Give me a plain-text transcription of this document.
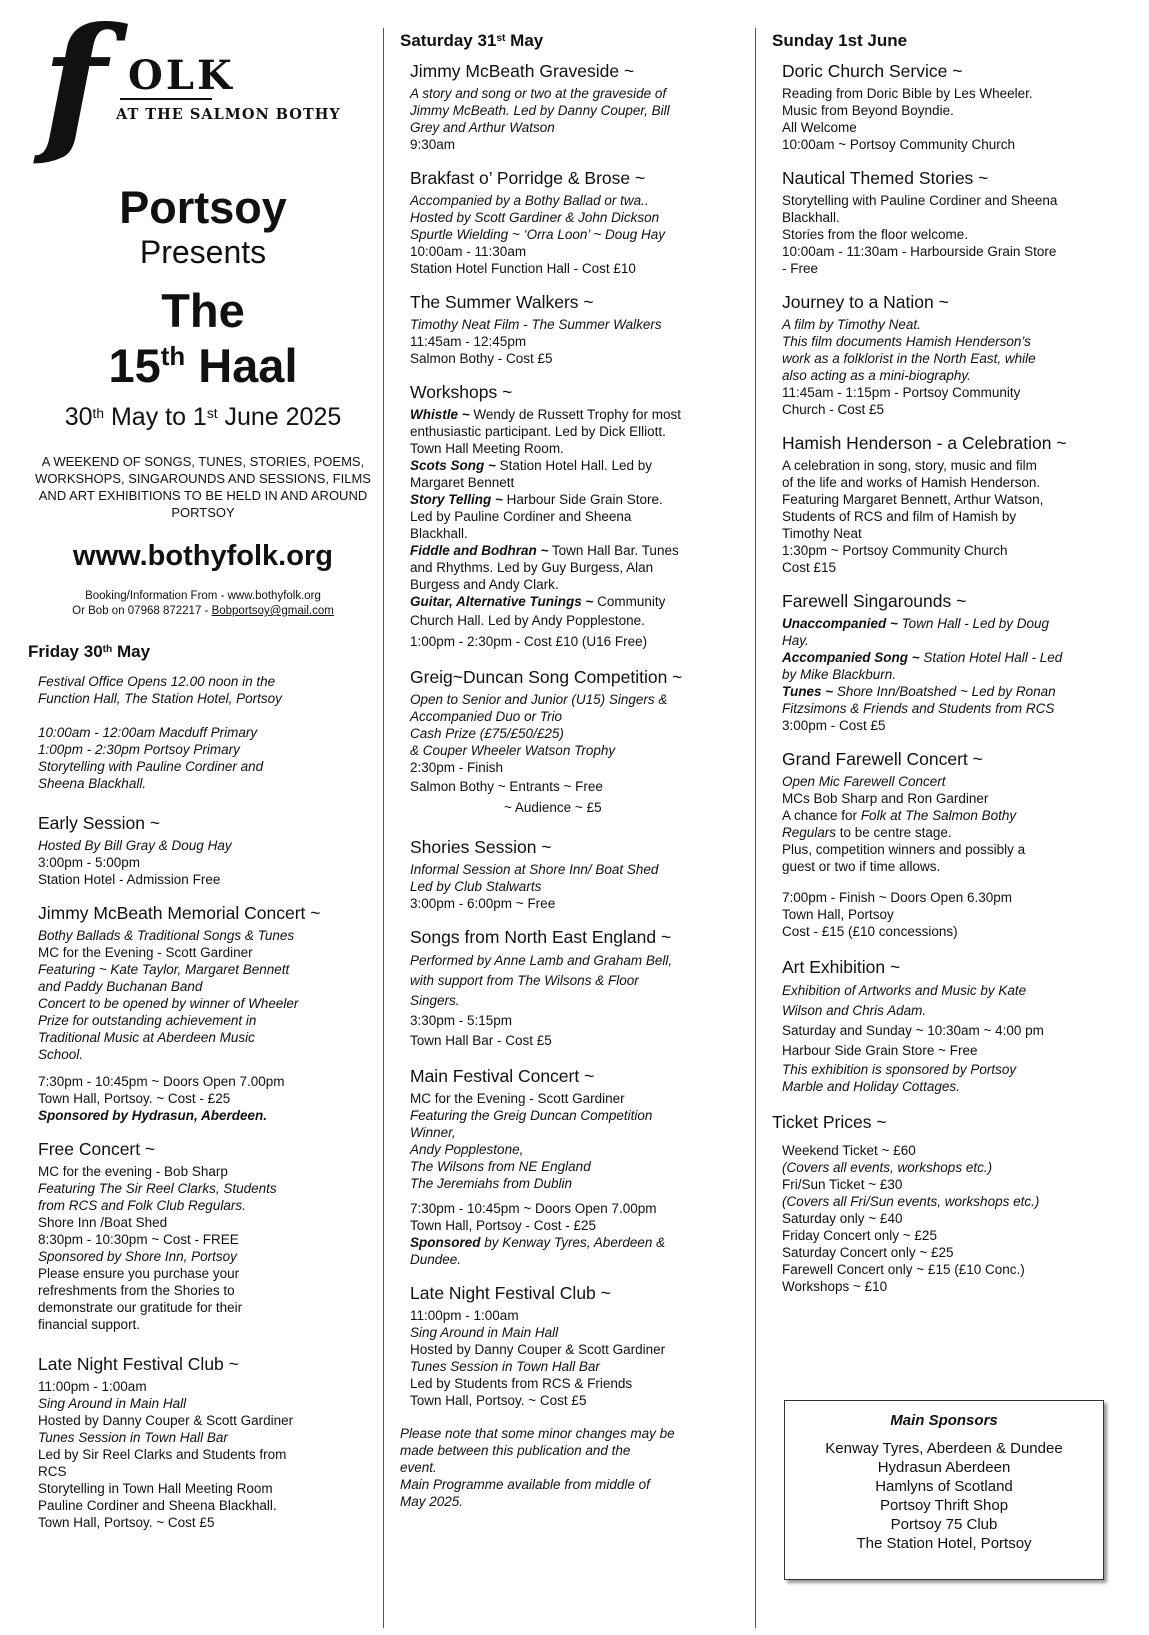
f OLK
AT THE SALMON BOTHY
Portsoy
Presents
The
15th Haal
30th May to 1st June 2025
A WEEKEND OF SONGS, TUNES, STORIES, POEMS, WORKSHOPS, SINGAROUNDS AND SESSIONS, FILMS AND ART EXHIBITIONS TO BE HELD IN AND AROUND PORTSOY
www.bothyfolk.org
Booking/Information From - www.bothyfolk.org
Or Bob on 07968 872217 - Bobportsoy@gmail.com
Friday 30th May
Festival Office Opens 12.00 noon in the
Function Hall, The Station Hotel, Portsoy
10:00am - 12:00am Macduff Primary
1:00pm - 2:30pm Portsoy Primary
Storytelling with Pauline Cordiner and
Sheena Blackhall.
Early Session ~
Hosted By Bill Gray & Doug Hay
3:00pm - 5:00pm
Station Hotel - Admission Free
Jimmy McBeath Memorial Concert ~
Bothy Ballads & Traditional Songs & Tunes
MC for the Evening - Scott Gardiner
Featuring ~ Kate Taylor, Margaret Bennett
and Paddy Buchanan Band
Concert to be opened by winner of Wheeler
Prize for outstanding achievement in
Traditional Music at Aberdeen Music
School.
7:30pm - 10:45pm ~ Doors Open 7.00pm
Town Hall, Portsoy. ~ Cost - £25
Sponsored by Hydrasun, Aberdeen.
Free Concert ~
MC for the evening - Bob Sharp
Featuring The Sir Reel Clarks, Students
from RCS and Folk Club Regulars.
Shore Inn /Boat Shed
8:30pm - 10:30pm ~ Cost - FREE
Sponsored by Shore Inn, Portsoy
Please ensure you purchase your
refreshments from the Shories to
demonstrate our gratitude for their
financial support.
Late Night Festival Club ~
11:00pm - 1:00am
Sing Around in Main Hall
Hosted by Danny Couper & Scott Gardiner
Tunes Session in Town Hall Bar
Led by Sir Reel Clarks and Students from
RCS
Storytelling in Town Hall Meeting Room
Pauline Cordiner and Sheena Blackhall.
Town Hall, Portsoy. ~ Cost £5
Saturday 31st May
Jimmy McBeath Graveside ~
A story and song or two at the graveside of
Jimmy McBeath. Led by Danny Couper, Bill
Grey and Arthur Watson
9:30am
Brakfast o’ Porridge & Brose ~
Accompanied by a Bothy Ballad or twa..
Hosted by Scott Gardiner & John Dickson
Spurtle Wielding ~ ‘Orra Loon’ ~ Doug Hay
10:00am - 11:30am
Station Hotel Function Hall - Cost £10
The Summer Walkers ~
Timothy Neat Film - The Summer Walkers
11:45am - 12:45pm
Salmon Bothy - Cost £5
Workshops ~
Whistle ~ Wendy de Russett Trophy for most
enthusiastic participant. Led by Dick Elliott.
Town Hall Meeting Room.
Scots Song ~ Station Hotel Hall. Led by
Margaret Bennett
Story Telling ~ Harbour Side Grain Store.
Led by Pauline Cordiner and Sheena
Blackhall.
Fiddle and Bodhran ~ Town Hall Bar. Tunes
and Rhythms. Led by Guy Burgess, Alan
Burgess and Andy Clark.
Guitar, Alternative Tunings ~ Community
Church Hall. Led by Andy Popplestone.
1:00pm - 2:30pm - Cost £10 (U16 Free)
Greig~Duncan Song Competition ~
Open to Senior and Junior (U15) Singers &
Accompanied Duo or Trio
Cash Prize (£75/£50/£25)
& Couper Wheeler Watson Trophy
2:30pm - Finish
Salmon Bothy ~ Entrants ~ Free
~ Audience ~ £5
Shories Session ~
Informal Session at Shore Inn/ Boat Shed
Led by Club Stalwarts
3:00pm - 6:00pm ~ Free
Songs from North East England ~
Performed by Anne Lamb and Graham Bell,
with support from The Wilsons & Floor
Singers.
3:30pm - 5:15pm
Town Hall Bar - Cost £5
Main Festival Concert ~
MC for the Evening - Scott Gardiner
Featuring the Greig Duncan Competition
Winner,
Andy Popplestone,
The Wilsons from NE England
The Jeremiahs from Dublin
7:30pm - 10:45pm ~ Doors Open 7.00pm
Town Hall, Portsoy - Cost - £25
Sponsored by Kenway Tyres, Aberdeen &
Dundee.
Late Night Festival Club ~
11:00pm - 1:00am
Sing Around in Main Hall
Hosted by Danny Couper & Scott Gardiner
Tunes Session in Town Hall Bar
Led by Students from RCS & Friends
Town Hall, Portsoy. ~ Cost £5
Please note that some minor changes may be
made between this publication and the
event.
Main Programme available from middle of
May 2025.
Sunday 1st June
Doric Church Service ~
Reading from Doric Bible by Les Wheeler.
Music from Beyond Boyndie.
All Welcome
10:00am ~ Portsoy Community Church
Nautical Themed Stories ~
Storytelling with Pauline Cordiner and Sheena
Blackhall.
Stories from the floor welcome.
10:00am - 11:30am - Harbourside Grain Store
- Free
Journey to a Nation ~
A film by Timothy Neat.
This film documents Hamish Henderson’s
work as a folklorist in the North East, while
also acting as a mini-biography.
11:45am - 1:15pm - Portsoy Community
Church - Cost £5
Hamish Henderson - a Celebration ~
A celebration in song, story, music and film
of the life and works of Hamish Henderson.
Featuring Margaret Bennett, Arthur Watson,
Students of RCS and film of Hamish by
Timothy Neat
1:30pm ~ Portsoy Community Church
Cost £15
Farewell Singarounds ~
Unaccompanied ~ Town Hall - Led by Doug
Hay.
Accompanied Song ~ Station Hotel Hall - Led
by Mike Blackburn.
Tunes ~ Shore Inn/Boatshed ~ Led by Ronan
Fitzsimons & Friends and Students from RCS
3:00pm - Cost £5
Grand Farewell Concert ~
Open Mic Farewell Concert
MCs Bob Sharp and Ron Gardiner
A chance for Folk at The Salmon Bothy
Regulars to be centre stage.
Plus, competition winners and possibly a
guest or two if time allows.
7:00pm - Finish ~ Doors Open 6.30pm
Town Hall, Portsoy
Cost - £15 (£10 concessions)
Art Exhibition ~
Exhibition of Artworks and Music by Kate
Wilson and Chris Adam.
Saturday and Sunday ~ 10:30am ~ 4:00 pm
Harbour Side Grain Store ~ Free
This exhibition is sponsored by Portsoy
Marble and Holiday Cottages.
Ticket Prices ~
Weekend Ticket ~ £60
(Covers all events, workshops etc.)
Fri/Sun Ticket ~ £30
(Covers all Fri/Sun events, workshops etc.)
Saturday only ~ £40
Friday Concert only ~ £25
Saturday Concert only ~ £25
Farewell Concert only ~ £15 (£10 Conc.)
Workshops ~ £10
Main Sponsors
Kenway Tyres, Aberdeen & Dundee
Hydrasun Aberdeen
Hamlyns of Scotland
Portsoy Thrift Shop
Portsoy 75 Club
The Station Hotel, Portsoy
